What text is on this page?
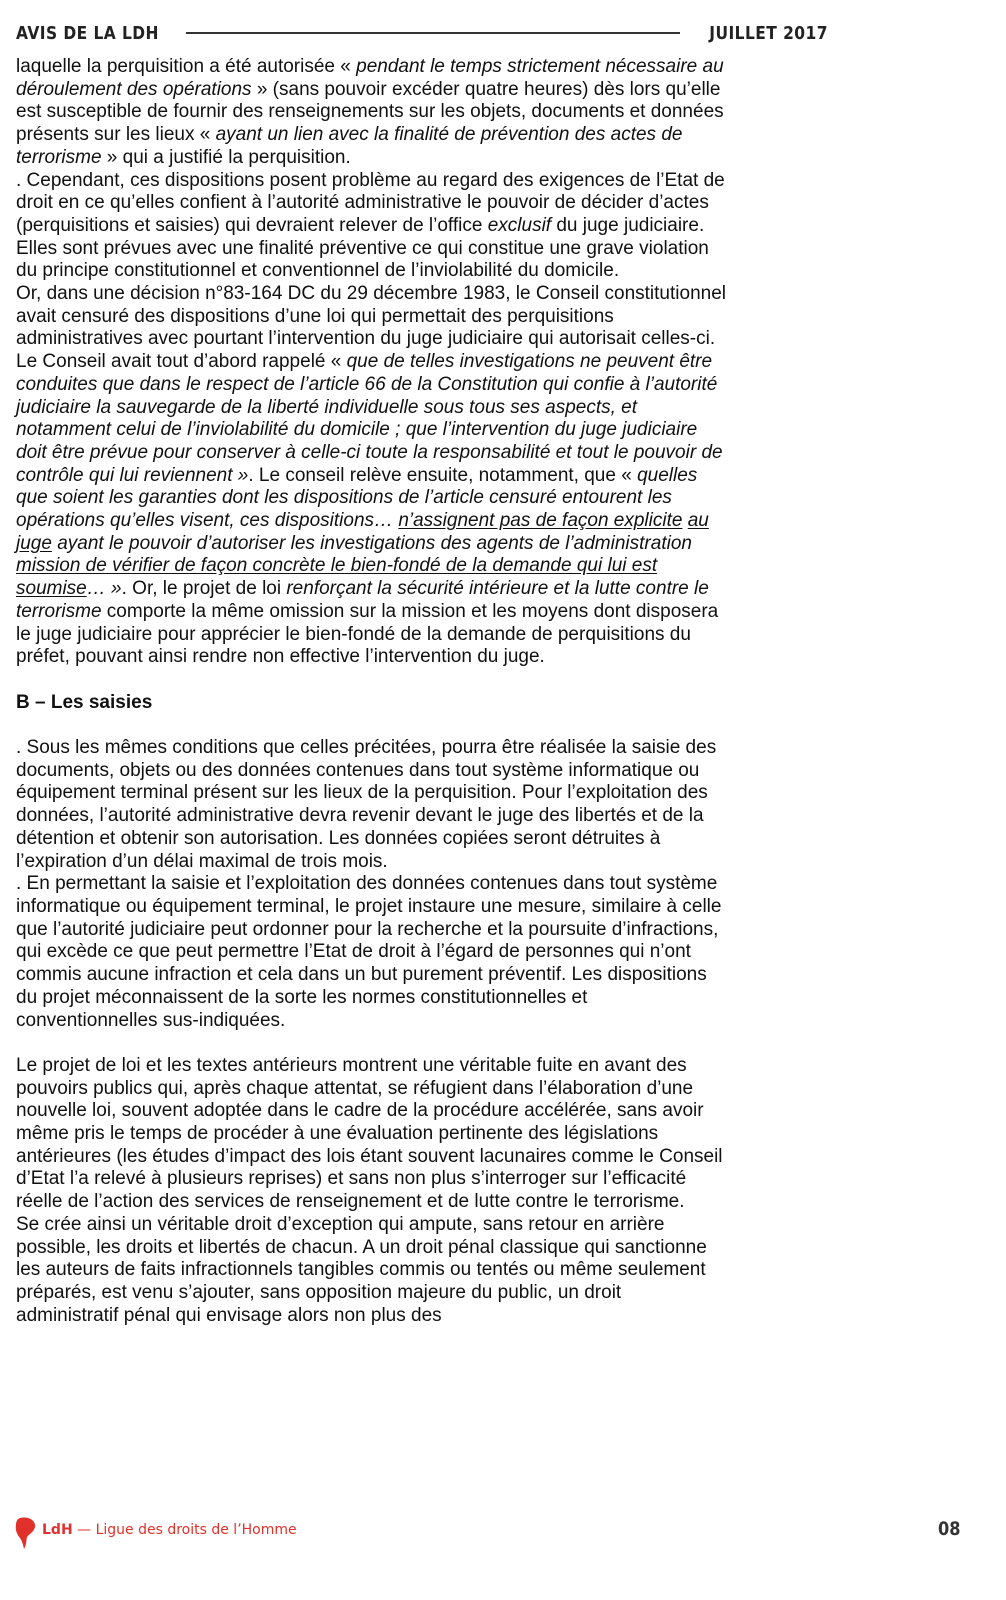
AVIS DE LA LDH	JUILLET 2017

laquelle la perquisition a été autorisée « pendant le temps strictement nécessaire au déroulement des opérations » (sans pouvoir excéder quatre heures) dès lors qu’elle est susceptible de fournir des renseignements sur les objets, documents et données présents sur les lieux « ayant un lien avec la finalité de prévention des actes de terrorisme » qui a justifié la perquisition.

. Cependant, ces dispositions posent problème au regard des exigences de l’Etat de droit en ce qu’elles confient à l’autorité administrative le pouvoir de décider d’actes (perquisitions et saisies) qui devraient relever de l’office exclusif du juge judiciaire. Elles sont prévues avec une finalité préventive ce qui constitue une grave violation du principe constitutionnel et conventionnel de l’inviolabilité du domicile.

Or, dans une décision n°83-164 DC du 29 décembre 1983, le Conseil constitutionnel avait censuré des dispositions d’une loi qui permettait des perquisitions administratives avec pourtant l’intervention du juge judiciaire qui autorisait celles-ci. Le Conseil avait tout d’abord rappelé « que de telles investigations ne peuvent être conduites que dans le respect de l’article 66 de la Constitution qui confie à l’autorité judiciaire la sauvegarde de la liberté individuelle sous tous ses aspects, et notamment celui de l’inviolabilité du domicile ; que l’intervention du juge judiciaire doit être prévue pour conserver à celle-ci toute la responsabilité et tout le pouvoir de contrôle qui lui reviennent ». Le conseil relève ensuite, notamment, que « quelles que soient les garanties dont les dispositions de l’article censuré entourent les opérations qu’elles visent, ces dispositions… n’assignent pas de façon explicite au juge ayant le pouvoir d’autoriser les investigations des agents de l’administration mission de vérifier de façon concrète le bien-fondé de la demande qui lui est soumise… ». Or, le projet de loi renforçant la sécurité intérieure et la lutte contre le terrorisme comporte la même omission sur la mission et les moyens dont disposera le juge judiciaire pour apprécier le bien-fondé de la demande de perquisitions du préfet, pouvant ainsi rendre non effective l’intervention du juge.

B – Les saisies

. Sous les mêmes conditions que celles précitées, pourra être réalisée la saisie des documents, objets ou des données contenues dans tout système informatique ou équipement terminal présent sur les lieux de la perquisition. Pour l’exploitation des données, l’autorité administrative devra revenir devant le juge des libertés et de la détention et obtenir son autorisation. Les données copiées seront détruites à l’expiration d’un délai maximal de trois mois.

. En permettant la saisie et l’exploitation des données contenues dans tout système informatique ou équipement terminal, le projet instaure une mesure, similaire à celle que l’autorité judiciaire peut ordonner pour la recherche et la poursuite d’infractions, qui excède ce que peut permettre l’Etat de droit à l’égard de personnes qui n’ont commis aucune infraction et cela dans un but purement préventif. Les dispositions du projet méconnaissent de la sorte les normes constitutionnelles et conventionnelles sus-indiquées.

Le projet de loi et les textes antérieurs montrent une véritable fuite en avant des pouvoirs publics qui, après chaque attentat, se réfugient dans l’élaboration d’une nouvelle loi, souvent adoptée dans le cadre de la procédure accélérée, sans avoir même pris le temps de procéder à une évaluation pertinente des législations antérieures (les études d’impact des lois étant souvent lacunaires comme le Conseil d’Etat l’a relevé à plusieurs reprises) et sans non plus s’interroger sur l’efficacité réelle de l’action des services de renseignement et de lutte contre le terrorisme.

Se crée ainsi un véritable droit d’exception qui ampute, sans retour en arrière possible, les droits et libertés de chacun. A un droit pénal classique qui sanctionne les auteurs de faits infractionnels tangibles commis ou tentés ou même seulement préparés, est venu s’ajouter, sans opposition majeure du public, un droit administratif pénal qui envisage alors non plus des

LdH — Ligue des droits de l’Homme	08
